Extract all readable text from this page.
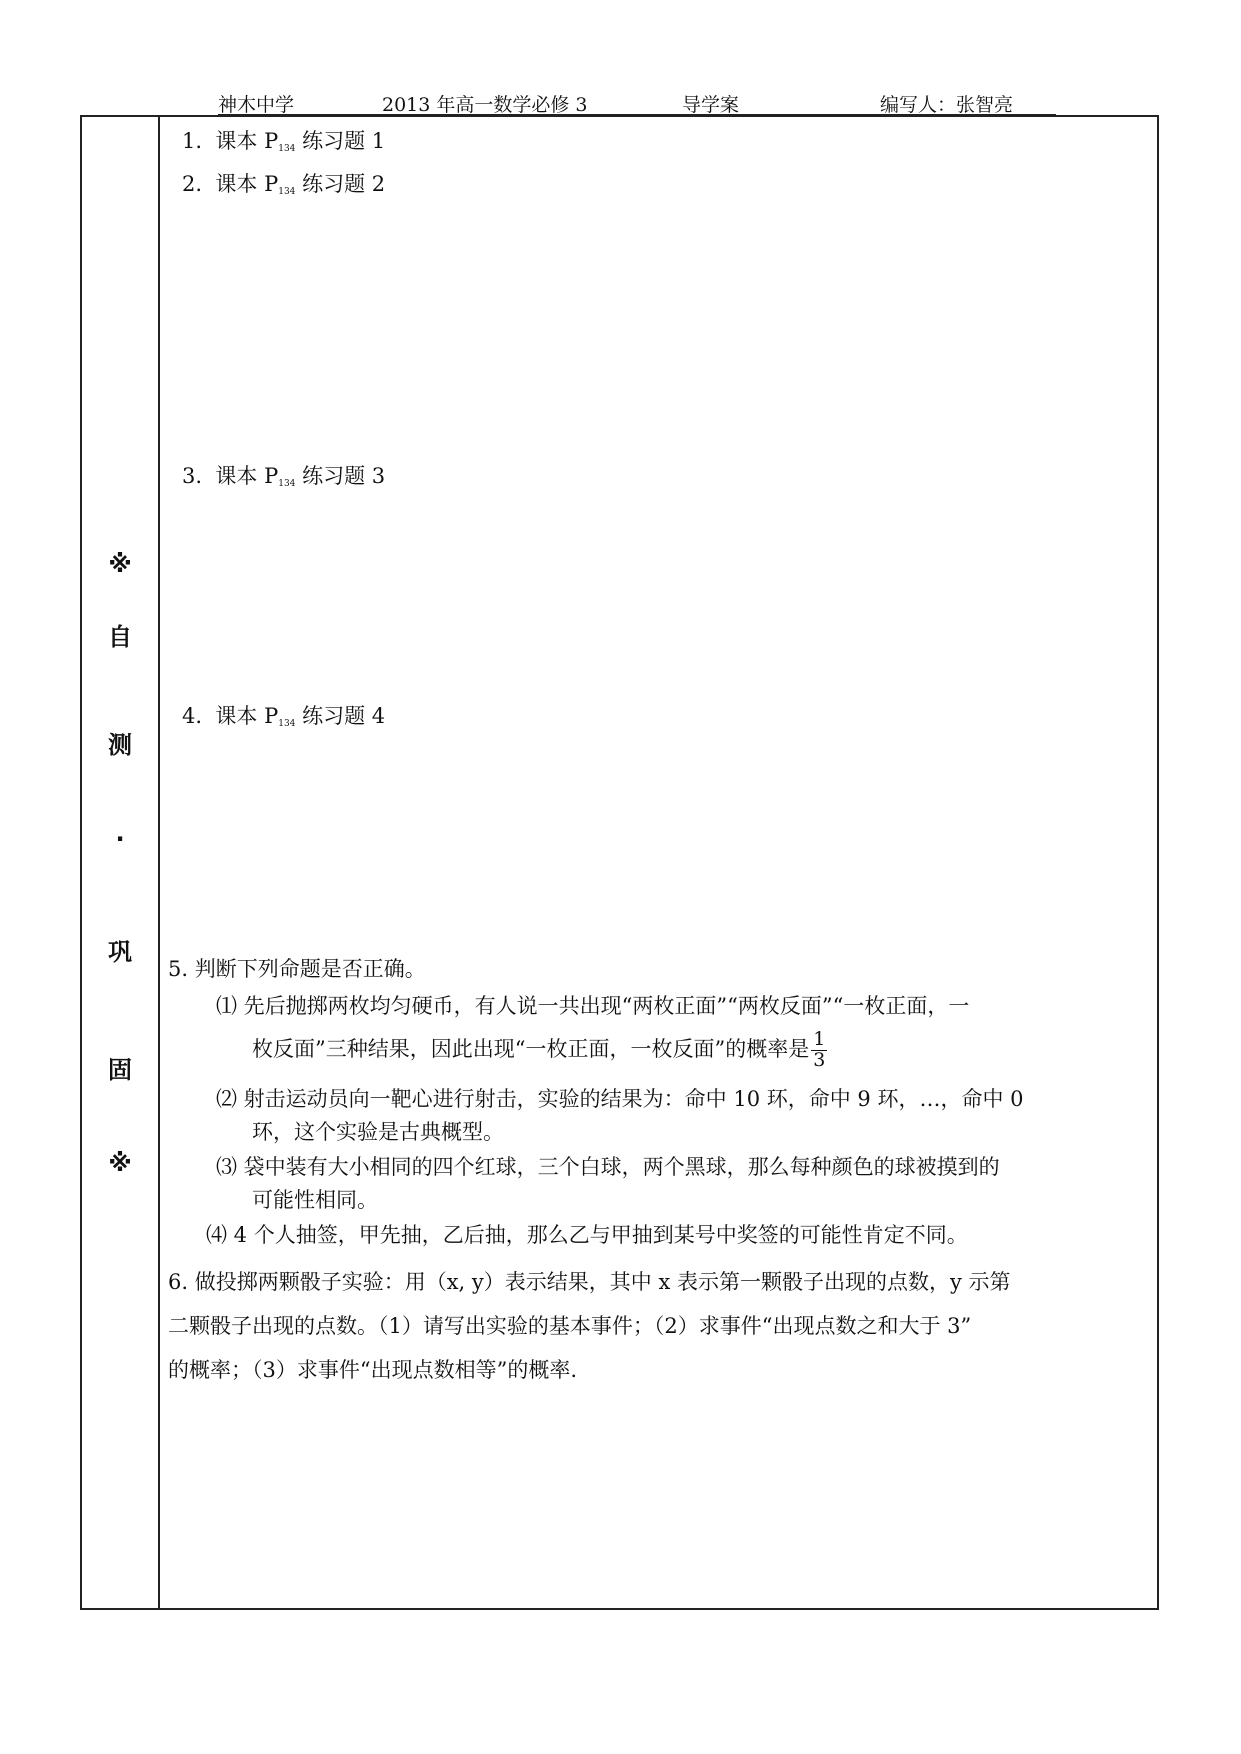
神木中学	2013 年高一数学必修 3	导学案	编写人：张智亮
※
自
测
·
巩
固
※
1. 课本 $P_{134}$ 练习题 1
2. 课本 $P_{134}$ 练习题 2
3. 课本 $P_{134}$ 练习题 3
4. 课本 $P_{134}$ 练习题 4
5. 判断下列命题是否正确。
⑴ 先后抛掷两枚均匀硬币，有人说一共出现“两枚正面”“两枚反面”“一枚正面，一
枚反面”三种结果，因此出现“一枚正面，一枚反面”的概率是 $\frac{1}{3}$
⑵ 射击运动员向一靶心进行射击，实验的结果为：命中 10 环，命中 9 环，…，命中 0
环，这个实验是古典概型。
⑶ 袋中装有大小相同的四个红球，三个白球，两个黑球，那么每种颜色的球被摸到的
可能性相同。
⑷ 4 个人抽签，甲先抽，乙后抽，那么乙与甲抽到某号中奖签的可能性肯定不同。
6. 做投掷两颗骰子实验：用（x, y）表示结果，其中 x 表示第一颗骰子出现的点数，y 示第
二颗骰子出现的点数。（1）请写出实验的基本事件；（2）求事件“出现点数之和大于 3”
的概率；（3）求事件“出现点数相等”的概率.
